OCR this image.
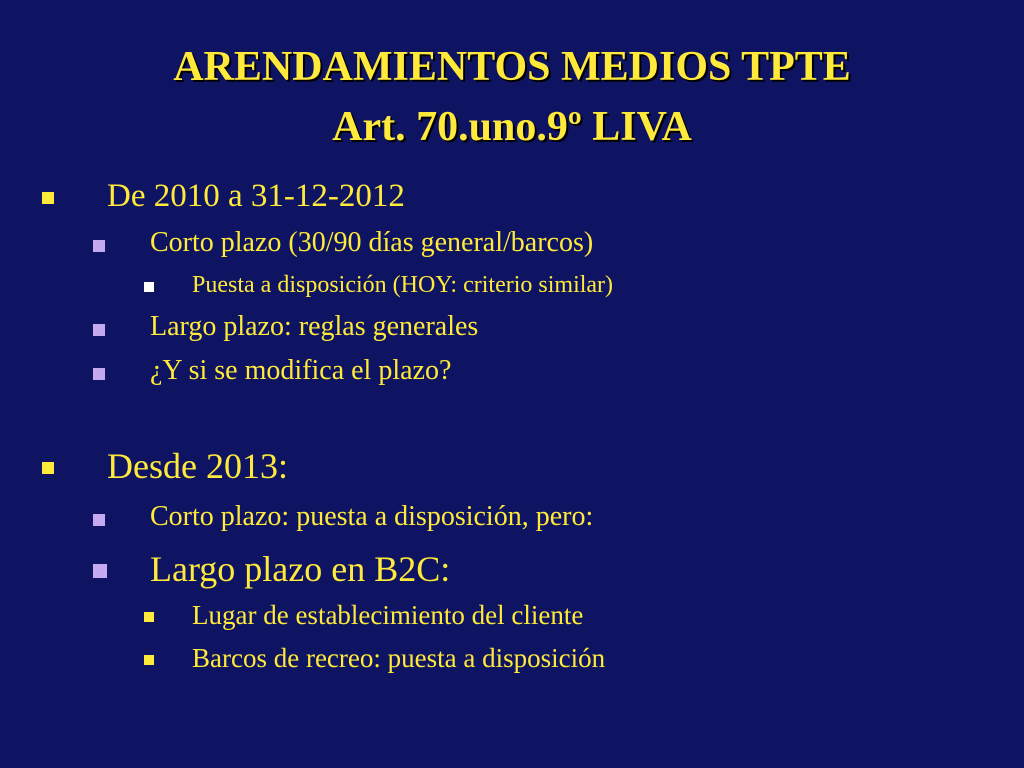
ARENDAMIENTOS MEDIOS TPTE
Art. 70.uno.9º LIVA
De 2010 a 31-12-2012
Corto plazo (30/90 días general/barcos)
Puesta a disposición (HOY: criterio similar)
Largo plazo: reglas generales
¿Y si se modifica el plazo?
Desde 2013:
Corto plazo: puesta a disposición, pero:
Largo plazo en B2C:
Lugar de establecimiento del cliente
Barcos de recreo: puesta a disposición
